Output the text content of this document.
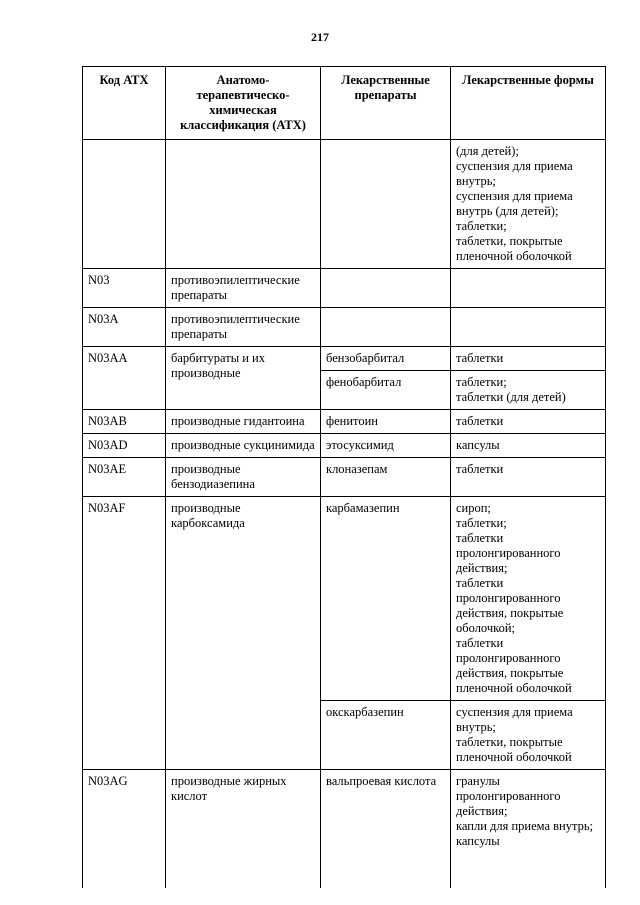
217
Код АТХ	Анатомо-терапевтическо-химическая классификация (АТХ)	Лекарственные препараты	Лекарственные формы

			(для детей);
суспензия для приема внутрь;
суспензия для приема внутрь (для детей);
таблетки;
таблетки, покрытые пленочной оболочкой

N03	противоэпилептические препараты		
N03A	противоэпилептические препараты		
N03AA	барбитураты и их производные	бензобарбитал	таблетки

		фенобарбитал	таблетки;
таблетки (для детей)

N03AB	производные гидантоина	фенитоин	таблетки

N03AD	производные сукцинимида	этосуксимид	капсулы

N03AE	производные бензодиазепина	клоназепам	таблетки

N03AF	производные карбоксамида	карбамазепин	сироп;
таблетки;
таблетки пролонгированного действия;
таблетки пролонгированного действия, покрытые оболочкой;
таблетки пролонгированного действия, покрытые пленочной оболочкой

		окскарбазепин	суспензия для приема внутрь;
таблетки, покрытые пленочной оболочкой

N03AG	производные жирных кислот	вальпроевая кислота	гранулы пролонгированного действия;
капли для приема внутрь;
капсулы
